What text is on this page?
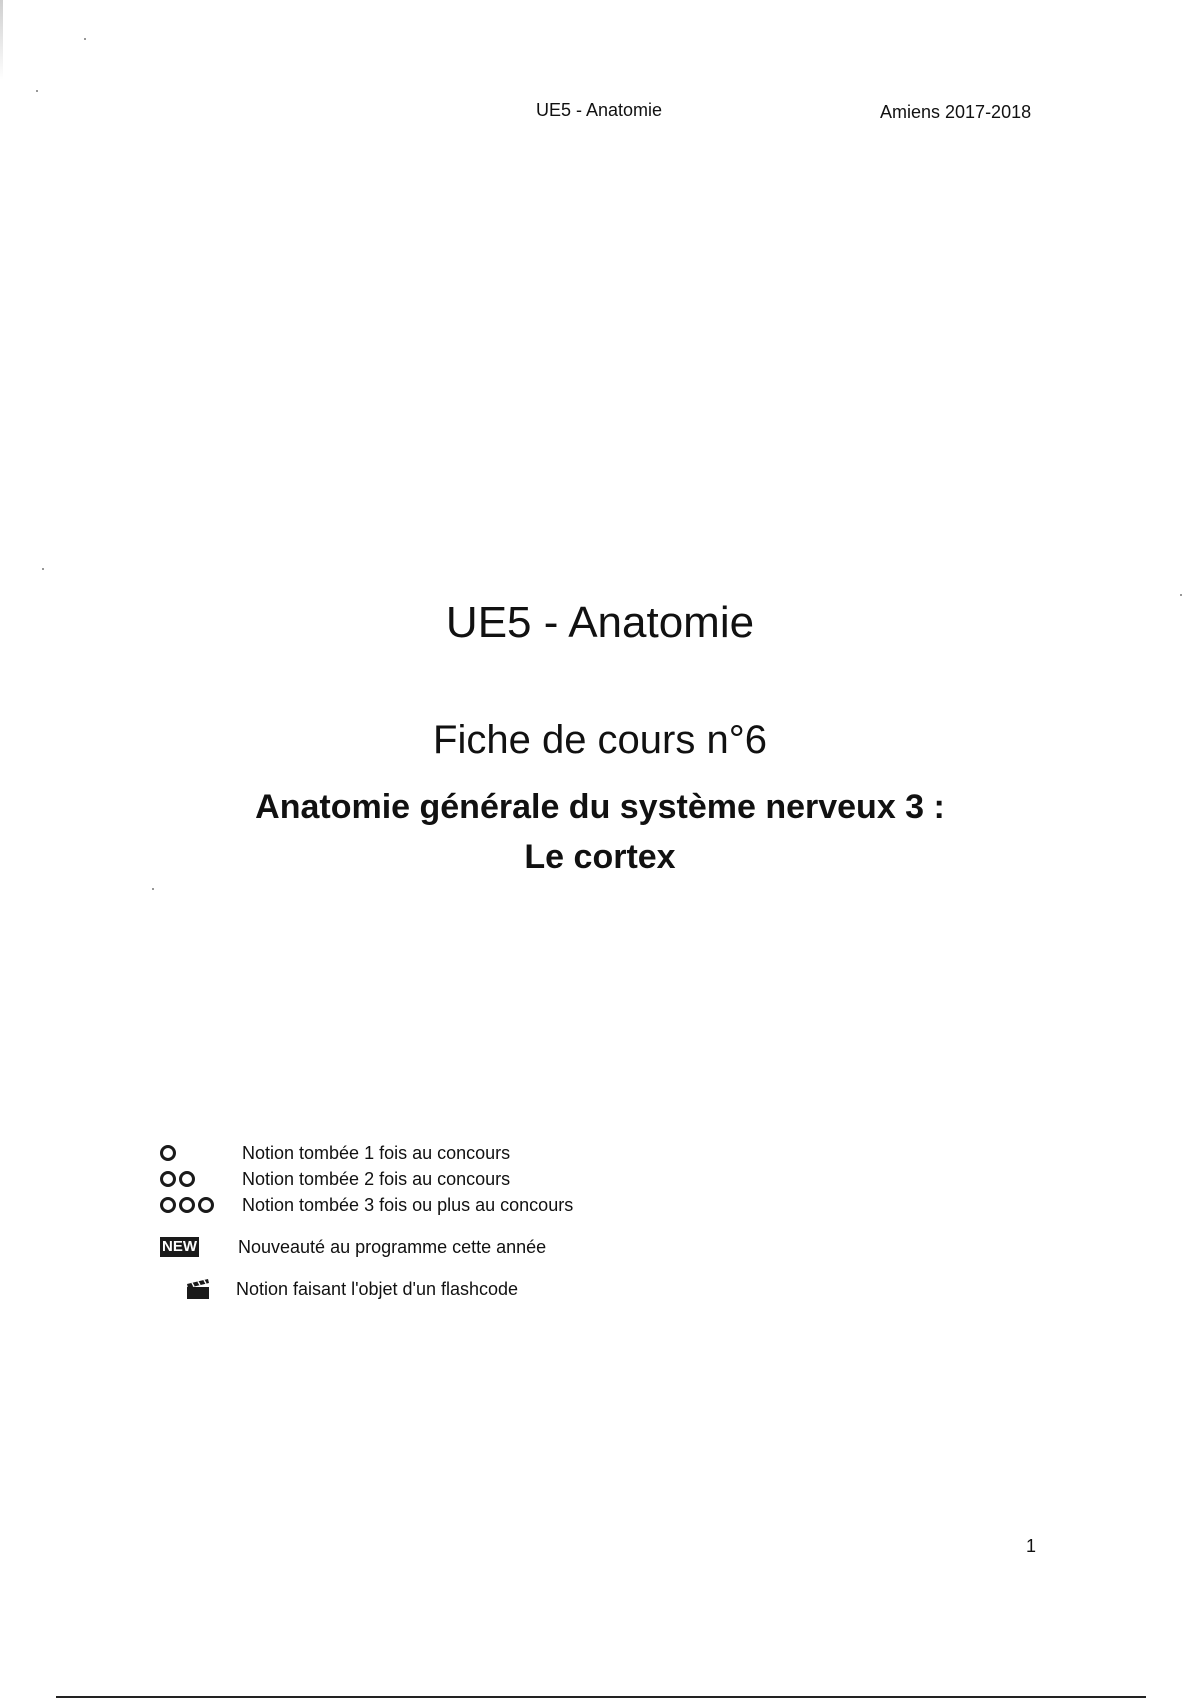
UE5 - Anatomie	Amiens 2017-2018
UE5 - Anatomie
Fiche de cours n°6
Anatomie générale du système nerveux 3 :
Le cortex
Notion tombée 1 fois au concours
Notion tombée 2 fois au concours
Notion tombée 3 fois ou plus au concours
NEW Nouveauté au programme cette année
Notion faisant l'objet d'un flashcode
1
